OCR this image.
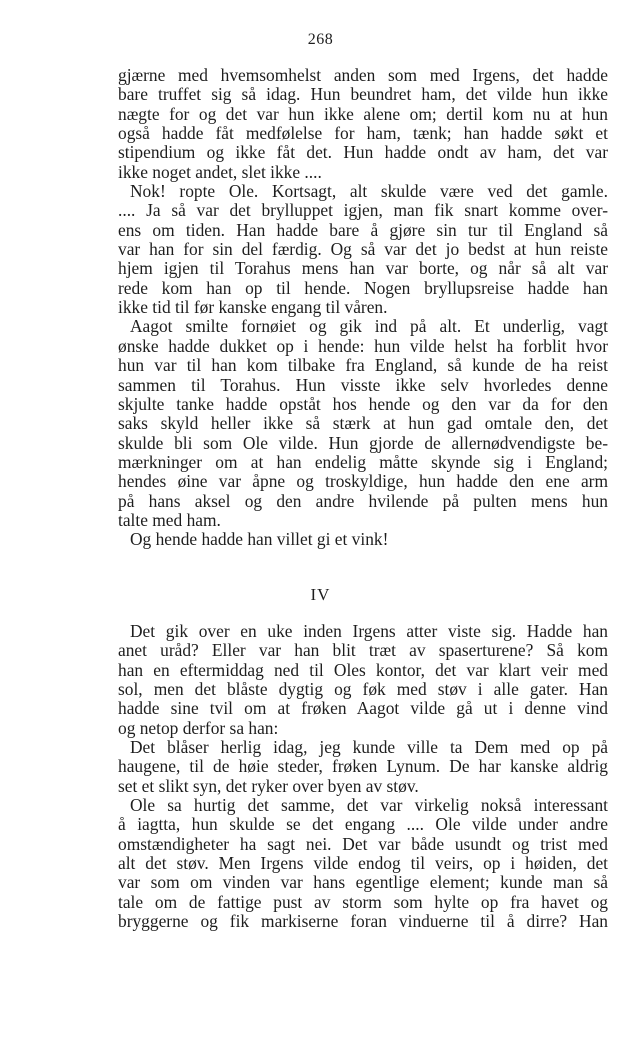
268
gjærne med hvemsomhelst anden som med Irgens, det hadde
bare truffet sig så idag. Hun beundret ham, det vilde hun ikke
nægte for og det var hun ikke alene om; dertil kom nu at hun
også hadde fåt medfølelse for ham, tænk; han hadde søkt et
stipendium og ikke fåt det. Hun hadde ondt av ham, det var
ikke noget andet, slet ikke ....
Nok! ropte Ole. Kortsagt, alt skulde være ved det gamle.
.... Ja så var det brylluppet igjen, man fik snart komme over-
ens om tiden. Han hadde bare å gjøre sin tur til England så
var han for sin del færdig. Og så var det jo bedst at hun reiste
hjem igjen til Torahus mens han var borte, og når så alt var
rede kom han op til hende. Nogen bryllupsreise hadde han
ikke tid til før kanske engang til våren.
Aagot smilte fornøiet og gik ind på alt. Et underlig, vagt
ønske hadde dukket op i hende: hun vilde helst ha forblit hvor
hun var til han kom tilbake fra England, så kunde de ha reist
sammen til Torahus. Hun visste ikke selv hvorledes denne
skjulte tanke hadde opståt hos hende og den var da for den
saks skyld heller ikke så stærk at hun gad omtale den, det
skulde bli som Ole vilde. Hun gjorde de allernødvendigste be-
mærkninger om at han endelig måtte skynde sig i England;
hendes øine var åpne og troskyldige, hun hadde den ene arm
på hans aksel og den andre hvilende på pulten mens hun
talte med ham.
Og hende hadde han villet gi et vink!
IV
Det gik over en uke inden Irgens atter viste sig. Hadde han
anet uråd? Eller var han blit træt av spaserturene? Så kom
han en eftermiddag ned til Oles kontor, det var klart veir med
sol, men det blåste dygtig og føk med støv i alle gater. Han
hadde sine tvil om at frøken Aagot vilde gå ut i denne vind
og netop derfor sa han:
Det blåser herlig idag, jeg kunde ville ta Dem med op på
haugene, til de høie steder, frøken Lynum. De har kanske aldrig
set et slikt syn, det ryker over byen av støv.
Ole sa hurtig det samme, det var virkelig nokså interessant
å iagtta, hun skulde se det engang .... Ole vilde under andre
omstændigheter ha sagt nei. Det var både usundt og trist med
alt det støv. Men Irgens vilde endog til veirs, op i høiden, det
var som om vinden var hans egentlige element; kunde man så
tale om de fattige pust av storm som hylte op fra havet og
bryggerne og fik markiserne foran vinduerne til å dirre? Han
